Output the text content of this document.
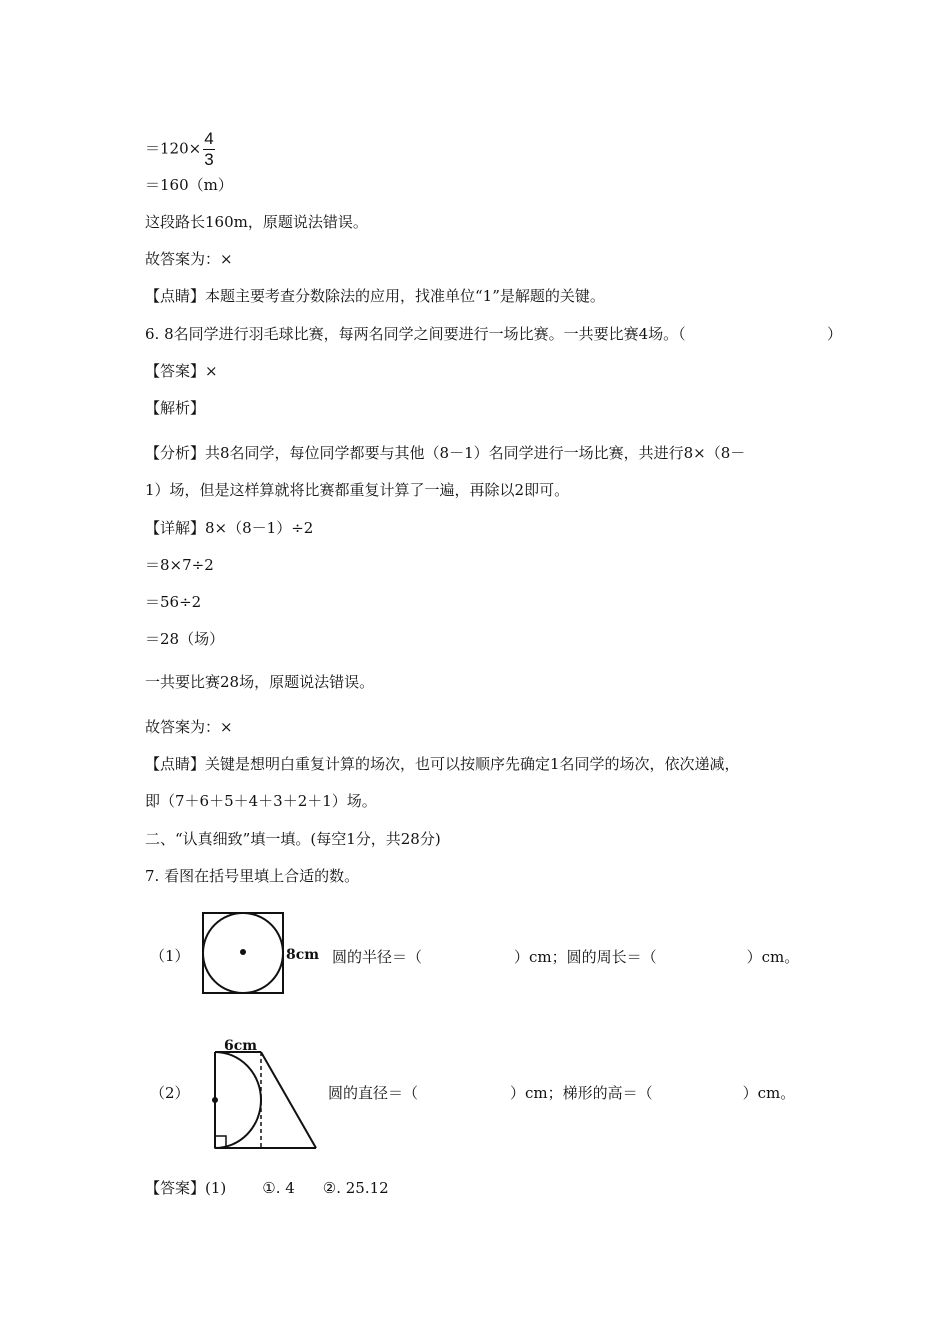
$=120\times \frac{4}{3}$
＝160（m）
这段路长160m，原题说法错误。
故答案为：×
【点睛】本题主要考查分数除法的应用，找准单位“1”是解题的关键。
6. 8名同学进行羽毛球比赛，每两名同学之间要进行一场比赛。一共要比赛4场。（	）
【答案】×
【解析】
【分析】共8名同学，每位同学都要与其他（8－1）名同学进行一场比赛，共进行8×（8－
1）场，但是这样算就将比赛都重复计算了一遍，再除以2即可。
【详解】8×（8－1）÷2
＝8×7÷2
＝56÷2
＝28（场）
一共要比赛28场，原题说法错误。
故答案为：×
【点睛】关键是想明白重复计算的场次，也可以按顺序先确定1名同学的场次，依次递减，
即（7＋6＋5＋4＋3＋2＋1）场。
二、“认真细致”填一填。(每空1分，共28分)
7. 看图在括号里填上合适的数。
（1）	8cm 圆的半径＝（	）cm；圆的周长＝（	）cm。
（2）
6cm
圆的直径＝（	）cm；梯形的高＝（	）cm。
【答案】(1) ①. 4 ②. 25.12
